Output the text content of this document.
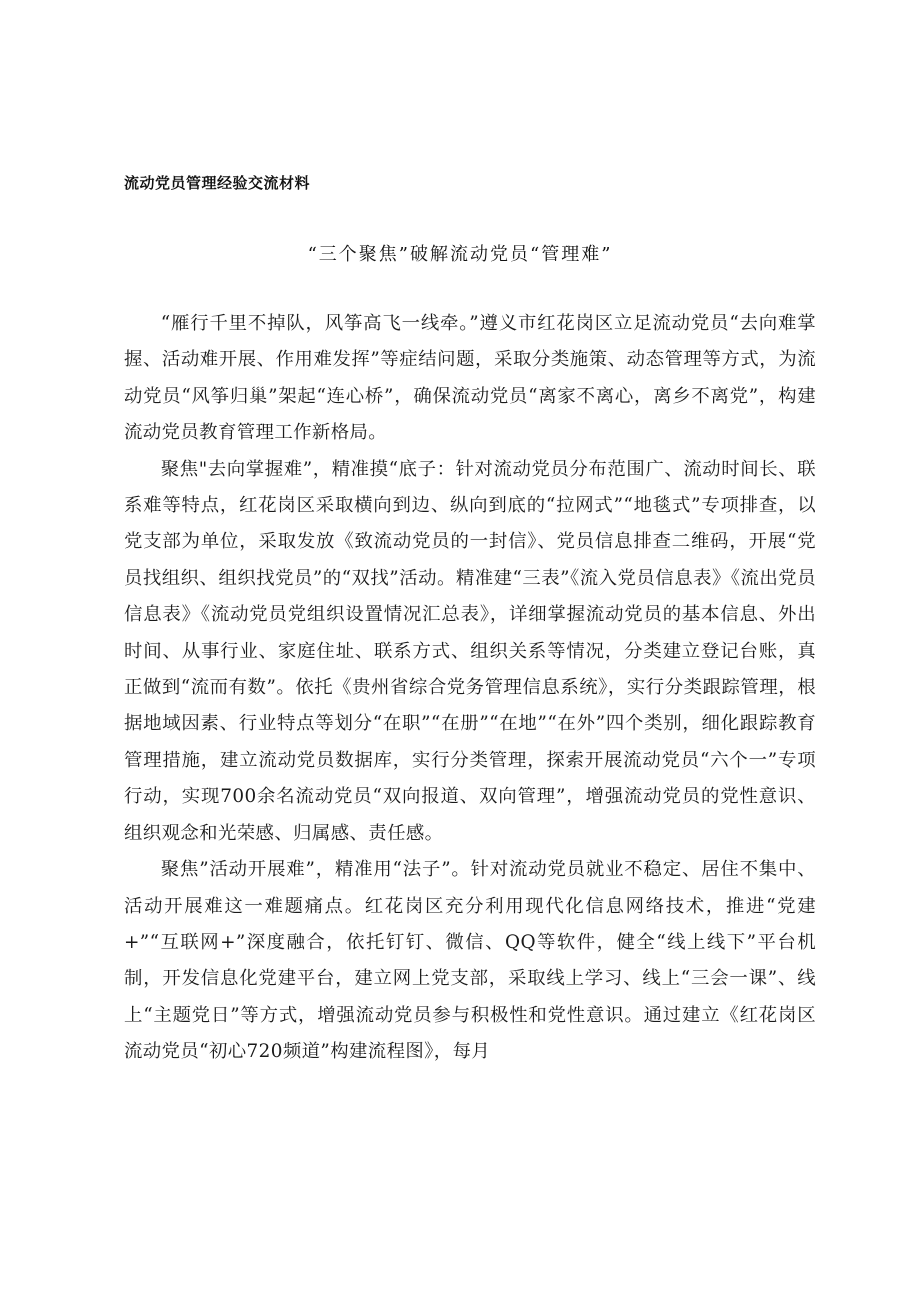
流动党员管理经验交流材料
“三个聚焦”破解流动党员“管理难”

“雁行千里不掉队，风筝高飞一线牵。”遵义市红花岗区立足流动党员“去向难掌握、活动难开展、作用难发挥”等症结问题，采取分类施策、动态管理等方式，为流动党员“风筝归巢”架起“连心桥”，确保流动党员“离家不离心，离乡不离党”，构建流动党员教育管理工作新格局。

聚焦"去向掌握难”，精准摸“底子：针对流动党员分布范围广、流动时间长、联系难等特点，红花岗区采取横向到边、纵向到底的“拉网式”“地毯式”专项排查，以党支部为单位，采取发放《致流动党员的一封信》、党员信息排查二维码，开展“党员找组织、组织找党员”的“双找”活动。精准建“三表”《流入党员信息表》《流出党员信息表》《流动党员党组织设置情况汇总表》，详细掌握流动党员的基本信息、外出时间、从事行业、家庭住址、联系方式、组织关系等情况，分类建立登记台账，真正做到“流而有数”。依托《贵州省综合党务管理信息系统》，实行分类跟踪管理，根据地域因素、行业特点等划分“在职”“在册”“在地”“在外”四个类别，细化跟踪教育管理措施，建立流动党员数据库，实行分类管理，探索开展流动党员“六个一”专项行动，实现700余名流动党员“双向报道、双向管理”，增强流动党员的党性意识、组织观念和光荣感、归属感、责任感。

聚焦”活动开展难”，精准用“法子”。针对流动党员就业不稳定、居住不集中、活动开展难这一难题痛点。红花岗区充分利用现代化信息网络技术，推进“党建+”“互联网+”深度融合，依托钉钉、微信、QQ等软件，健全“线上线下”平台机制，开发信息化党建平台，建立网上党支部，采取线上学习、线上“三会一课”、线上“主题党日”等方式，增强流动党员参与积极性和党性意识。通过建立《红花岗区流动党员“初心720频道”构建流程图》，每月
